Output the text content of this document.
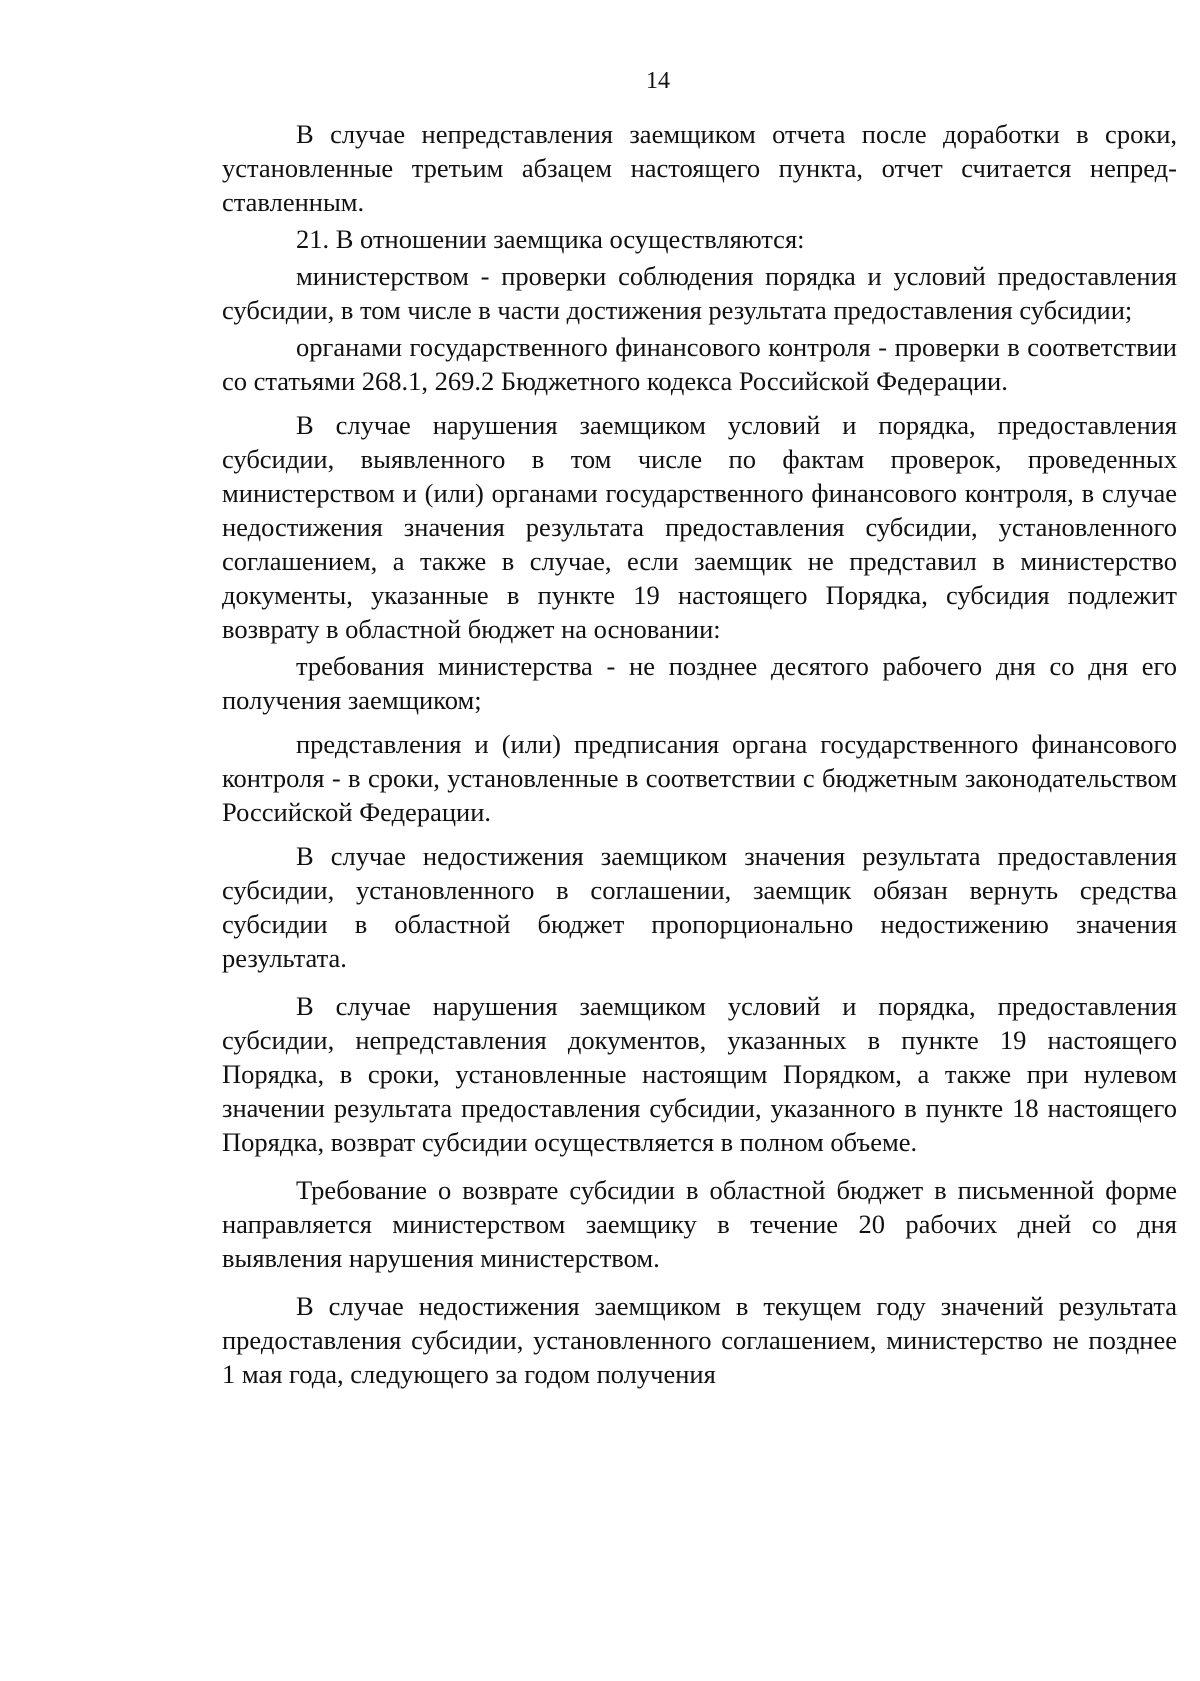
14

В случае непредставления заемщиком отчета после доработки в сроки, установленные третьим абзацем настоящего пункта, отчет считается непредставленным.

21. В отношении заемщика осуществляются:

министерством - проверки соблюдения порядка и условий предоставления субсидии, в том числе в части достижения результата предоставления субсидии;

органами государственного финансового контроля - проверки в соответствии со статьями 268.1, 269.2 Бюджетного кодекса Российской Федерации.

В случае нарушения заемщиком условий и порядка, предоставления субсидии, выявленного в том числе по фактам проверок, проведенных министерством и (или) органами государственного финансового контроля, в случае недостижения значения результата предоставления субсидии, установленного соглашением, а также в случае, если заемщик не представил в министерство документы, указанные в пункте 19 настоящего Порядка, субсидия подлежит возврату в областной бюджет на основании:

требования министерства - не позднее десятого рабочего дня со дня его получения заемщиком;

представления и (или) предписания органа государственного финансового контроля - в сроки, установленные в соответствии с бюджетным законодательством Российской Федерации.

В случае недостижения заемщиком значения результата предоставления субсидии, установленного в соглашении, заемщик обязан вернуть средства субсидии в областной бюджет пропорционально недостижению значения результата.

В случае нарушения заемщиком условий и порядка, предоставления субсидии, непредставления документов, указанных в пункте 19 настоящего Порядка, в сроки, установленные настоящим Порядком, а также при нулевом значении результата предоставления субсидии, указанного в пункте 18 настоящего Порядка, возврат субсидии осуществляется в полном объеме.

Требование о возврате субсидии в областной бюджет в письменной форме направляется министерством заемщику в течение 20 рабочих дней со дня выявления нарушения министерством.

В случае недостижения заемщиком в текущем году значений результата предоставления субсидии, установленного соглашением, министерство не позднее 1 мая года, следующего за годом получения
